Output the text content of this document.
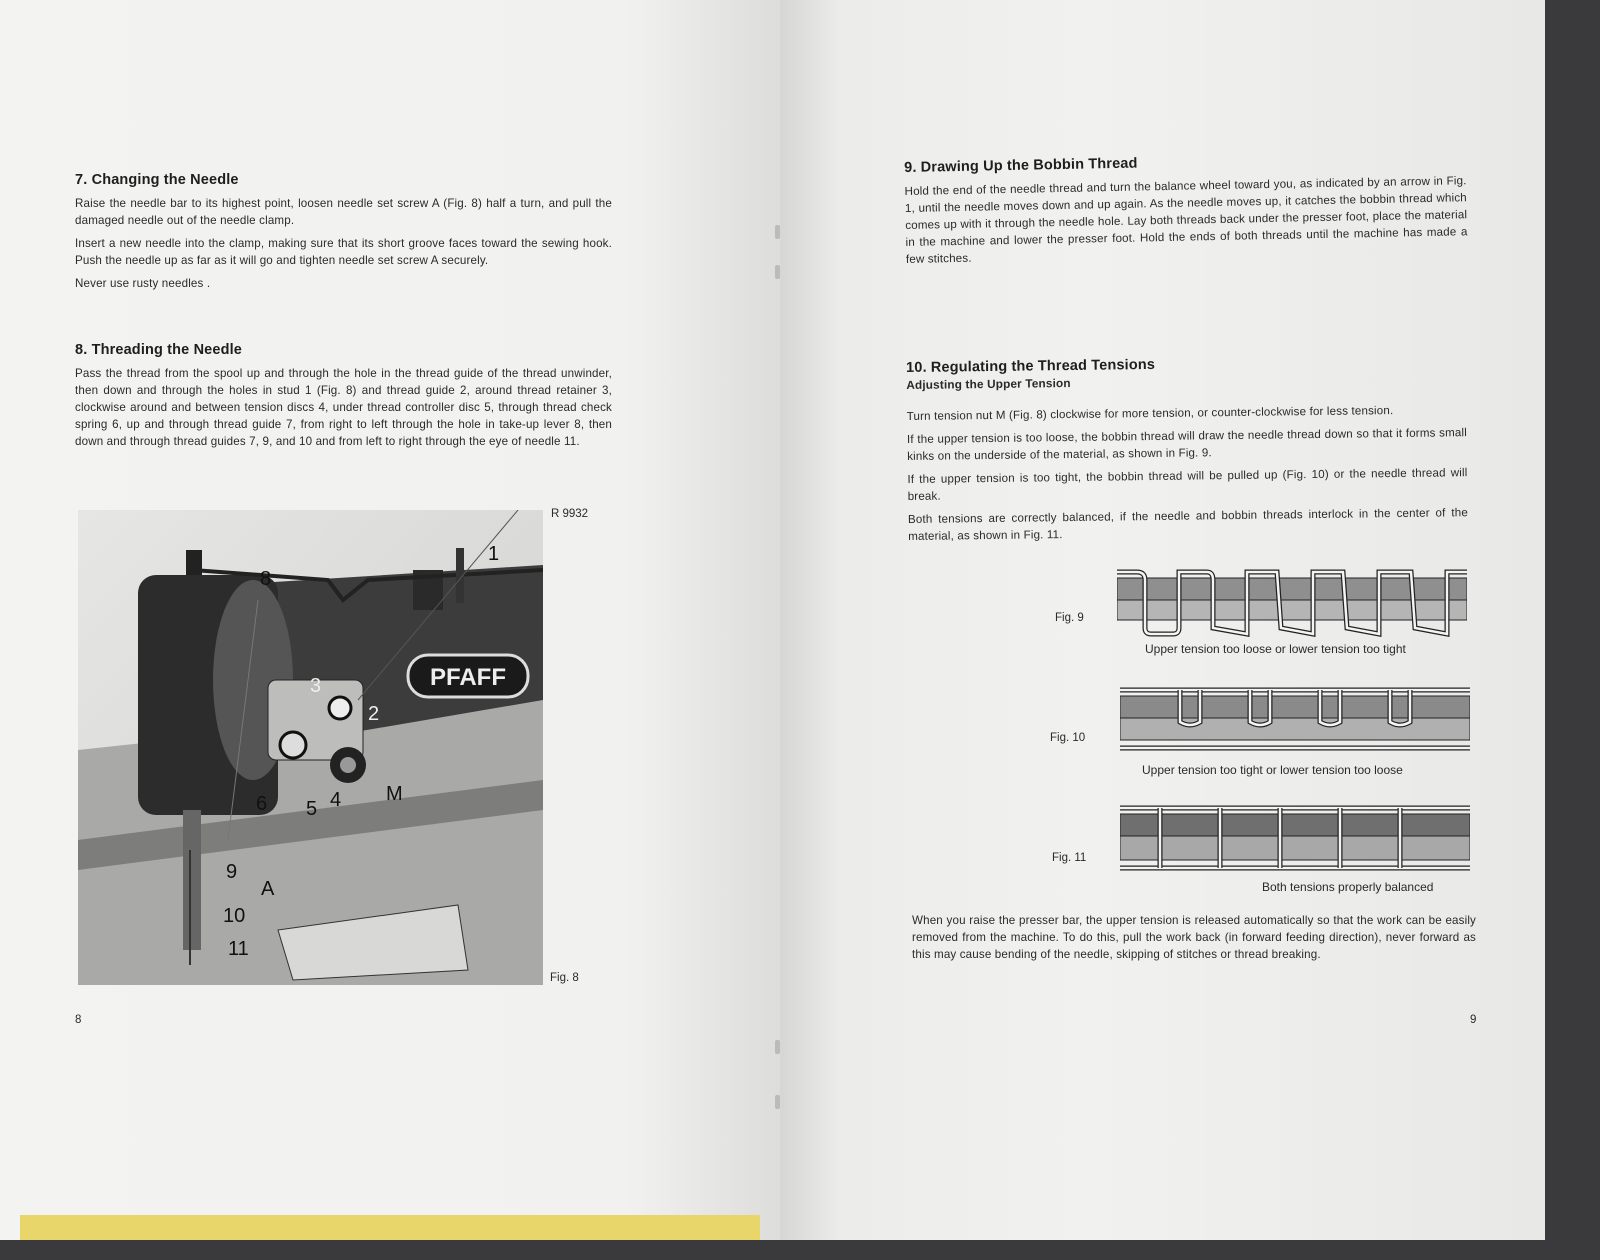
7. Changing the Needle

Raise the needle bar to its highest point, loosen needle set screw A (Fig. 8) half a turn, and pull the damaged needle out of the needle clamp.

Insert a new needle into the clamp, making sure that its short groove faces toward the sewing hook. Push the needle up as far as it will go and tighten needle set screw A securely.

Never use rusty needles .

8. Threading the Needle

Pass the thread from the spool up and through the hole in the thread guide of the thread unwinder, then down and through the holes in stud 1 (Fig. 8) and thread guide 2, around thread retainer 3, clockwise around and between tension discs 4, under thread controller disc 5, through thread check spring 6, up and through thread guide 7, from right to left through the hole in take-up lever 8, then down and through thread guides 7, 9, and 10 and from left to right through the eye of needle 11.

R 9932
PFAFF
1
2
3
4
5
6
8
9
10
11
A
M
Fig. 8
8
9. Drawing Up the Bobbin Thread

Hold the end of the needle thread and turn the balance wheel toward you, as indicated by an arrow in Fig. 1, until the needle moves down and up again. As the needle moves up, it catches the bobbin thread which comes up with it through the needle hole. Lay both threads back under the presser foot, place the material in the machine and lower the presser foot. Hold the ends of both threads until the machine has made a few stitches.

10. Regulating the Thread Tensions
Adjusting the Upper Tension

Turn tension nut M (Fig. 8) clockwise for more tension, or counter-clockwise for less tension.

If the upper tension is too loose, the bobbin thread will draw the needle thread down so that it forms small kinks on the underside of the material, as shown in Fig. 9.

If the upper tension is too tight, the bobbin thread will be pulled up (Fig. 10) or the needle thread will break.

Both tensions are correctly balanced, if the needle and bobbin threads interlock in the center of the material, as shown in Fig. 11.

Fig. 9
Upper tension too loose or lower tension too tight
Fig. 10
Upper tension too tight or lower tension too loose
Fig. 11
Both tensions properly balanced

When you raise the presser bar, the upper tension is released automatically so that the work can be easily removed from the machine. To do this, pull the work back (in forward feeding direction), never forward as this may cause bending of the needle, skipping of stitches or thread breaking.

9
